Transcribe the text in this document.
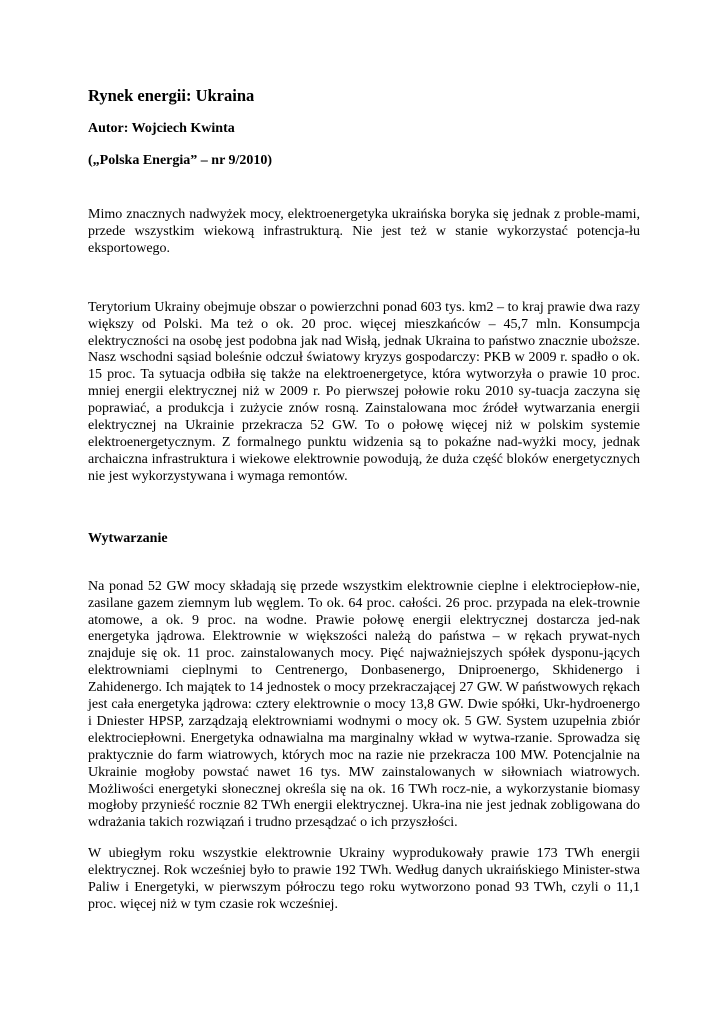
Rynek energii: Ukraina
Autor: Wojciech Kwinta
(„Polska Energia” – nr 9/2010)

Mimo znacznych nadwyżek mocy, elektroenergetyka ukraińska boryka się jednak z proble-mami, przede wszystkim wiekową infrastrukturą. Nie jest też w stanie wykorzystać potencja-łu eksportowego.

Terytorium Ukrainy obejmuje obszar o powierzchni ponad 603 tys. km2 – to kraj prawie dwa razy większy od Polski. Ma też o ok. 20 proc. więcej mieszkańców – 45,7 mln. Konsumpcja elektryczności na osobę jest podobna jak nad Wisłą, jednak Ukraina to państwo znacznie uboższe. Nasz wschodni sąsiad boleśnie odczuł światowy kryzys gospodarczy: PKB w 2009 r. spadło o ok. 15 proc. Ta sytuacja odbiła się także na elektroenergetyce, która wytworzyła o prawie 10 proc. mniej energii elektrycznej niż w 2009 r. Po pierwszej połowie roku 2010 sy-tuacja zaczyna się poprawiać, a produkcja i zużycie znów rosną. Zainstalowana moc źródeł wytwarzania energii elektrycznej na Ukrainie przekracza 52 GW. To o połowę więcej niż w polskim systemie elektroenergetycznym. Z formalnego punktu widzenia są to pokaźne nad-wyżki mocy, jednak archaiczna infrastruktura i wiekowe elektrownie powodują, że duża część bloków energetycznych nie jest wykorzystywana i wymaga remontów.

Wytwarzanie

Na ponad 52 GW mocy składają się przede wszystkim elektrownie cieplne i elektrociepłow-nie, zasilane gazem ziemnym lub węglem. To ok. 64 proc. całości. 26 proc. przypada na elek-trownie atomowe, a ok. 9 proc. na wodne. Prawie połowę energii elektrycznej dostarcza jed-nak energetyka jądrowa. Elektrownie w większości należą do państwa – w rękach prywat-nych znajduje się ok. 11 proc. zainstalowanych mocy. Pięć najważniejszych spółek dysponu-jących elektrowniami cieplnymi to Centrenergo, Donbasenergo, Dniproenergo, Skhidenergo i Zahidenergo. Ich majątek to 14 jednostek o mocy przekraczającej 27 GW. W państwowych rękach jest cała energetyka jądrowa: cztery elektrownie o mocy 13,8 GW. Dwie spółki, Ukr-hydroenergo i Dniester HPSP, zarządzają elektrowniami wodnymi o mocy ok. 5 GW. System uzupełnia zbiór elektrociepłowni. Energetyka odnawialna ma marginalny wkład w wytwa-rzanie. Sprowadza się praktycznie do farm wiatrowych, których moc na razie nie przekracza 100 MW. Potencjalnie na Ukrainie mogłoby powstać nawet 16 tys. MW zainstalowanych w siłowniach wiatrowych. Możliwości energetyki słonecznej określa się na ok. 16 TWh rocz-nie, a wykorzystanie biomasy mogłoby przynieść rocznie 82 TWh energii elektrycznej. Ukra-ina nie jest jednak zobligowana do wdrażania takich rozwiązań i trudno przesądzać o ich przyszłości.

W ubiegłym roku wszystkie elektrownie Ukrainy wyprodukowały prawie 173 TWh energii elektrycznej. Rok wcześniej było to prawie 192 TWh. Według danych ukraińskiego Minister-stwa Paliw i Energetyki, w pierwszym półroczu tego roku wytworzono ponad 93 TWh, czyli o 11,1 proc. więcej niż w tym czasie rok wcześniej.
